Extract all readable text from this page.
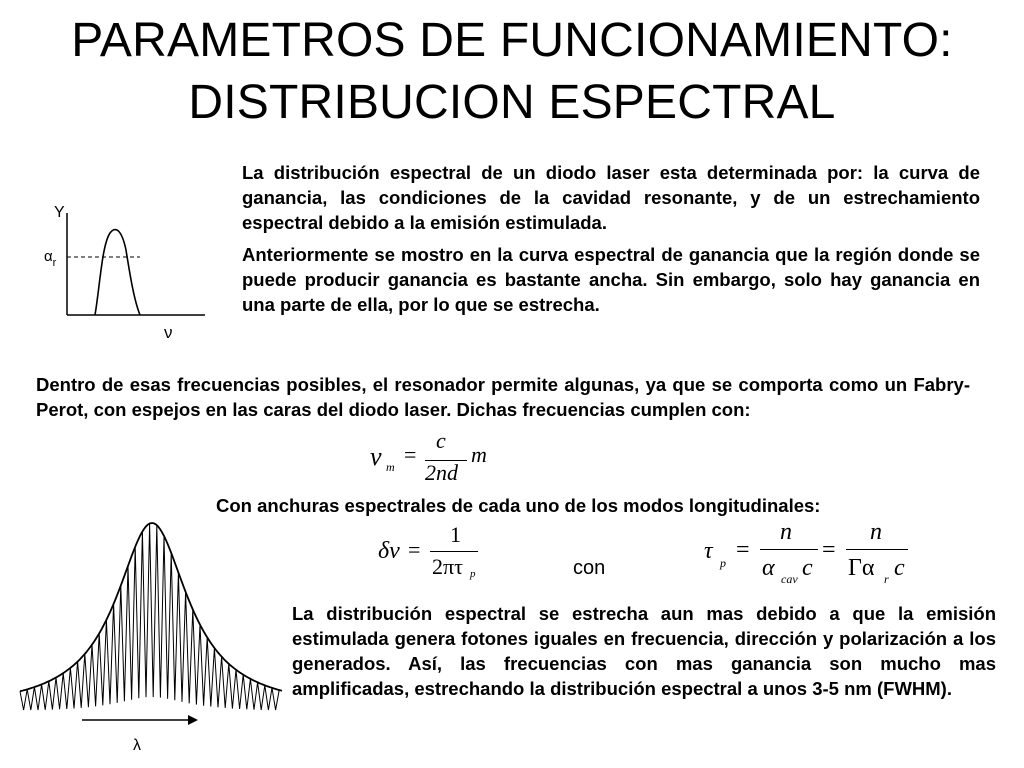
PARAMETROS DE FUNCIONAMIENTO:
DISTRIBUCION ESPECTRAL
Y
$\alpha_r$
ν
La distribución espectral de un diodo laser esta determinada por: la curva de ganancia, las condiciones de la cavidad resonante, y de un estrechamiento espectral debido a la emisión estimulada.
Anteriormente se mostro en la curva espectral de ganancia que la región donde se puede producir ganancia es bastante ancha. Sin embargo, solo hay ganancia en una parte de ella, por lo que se estrecha.
Dentro de esas frecuencias posibles, el resonador permite algunas, ya que se comporta como un Fabry-Perot, con espejos en las caras del diodo laser. Dichas frecuencias cumplen con:
ν m =
c
2nd
m
Con anchuras espectrales de cada uno de los modos longitudinales:
δν =
1
2πτ p	con
τ p =
n
α cav c
=
n
Γα r c
λ
La distribución espectral se estrecha aun mas debido a que la emisión estimulada genera fotones iguales en frecuencia, dirección y polarización a los generados. Así, las frecuencias con mas ganancia son mucho mas amplificadas, estrechando la distribución espectral a unos 3-5 nm (FWHM).
